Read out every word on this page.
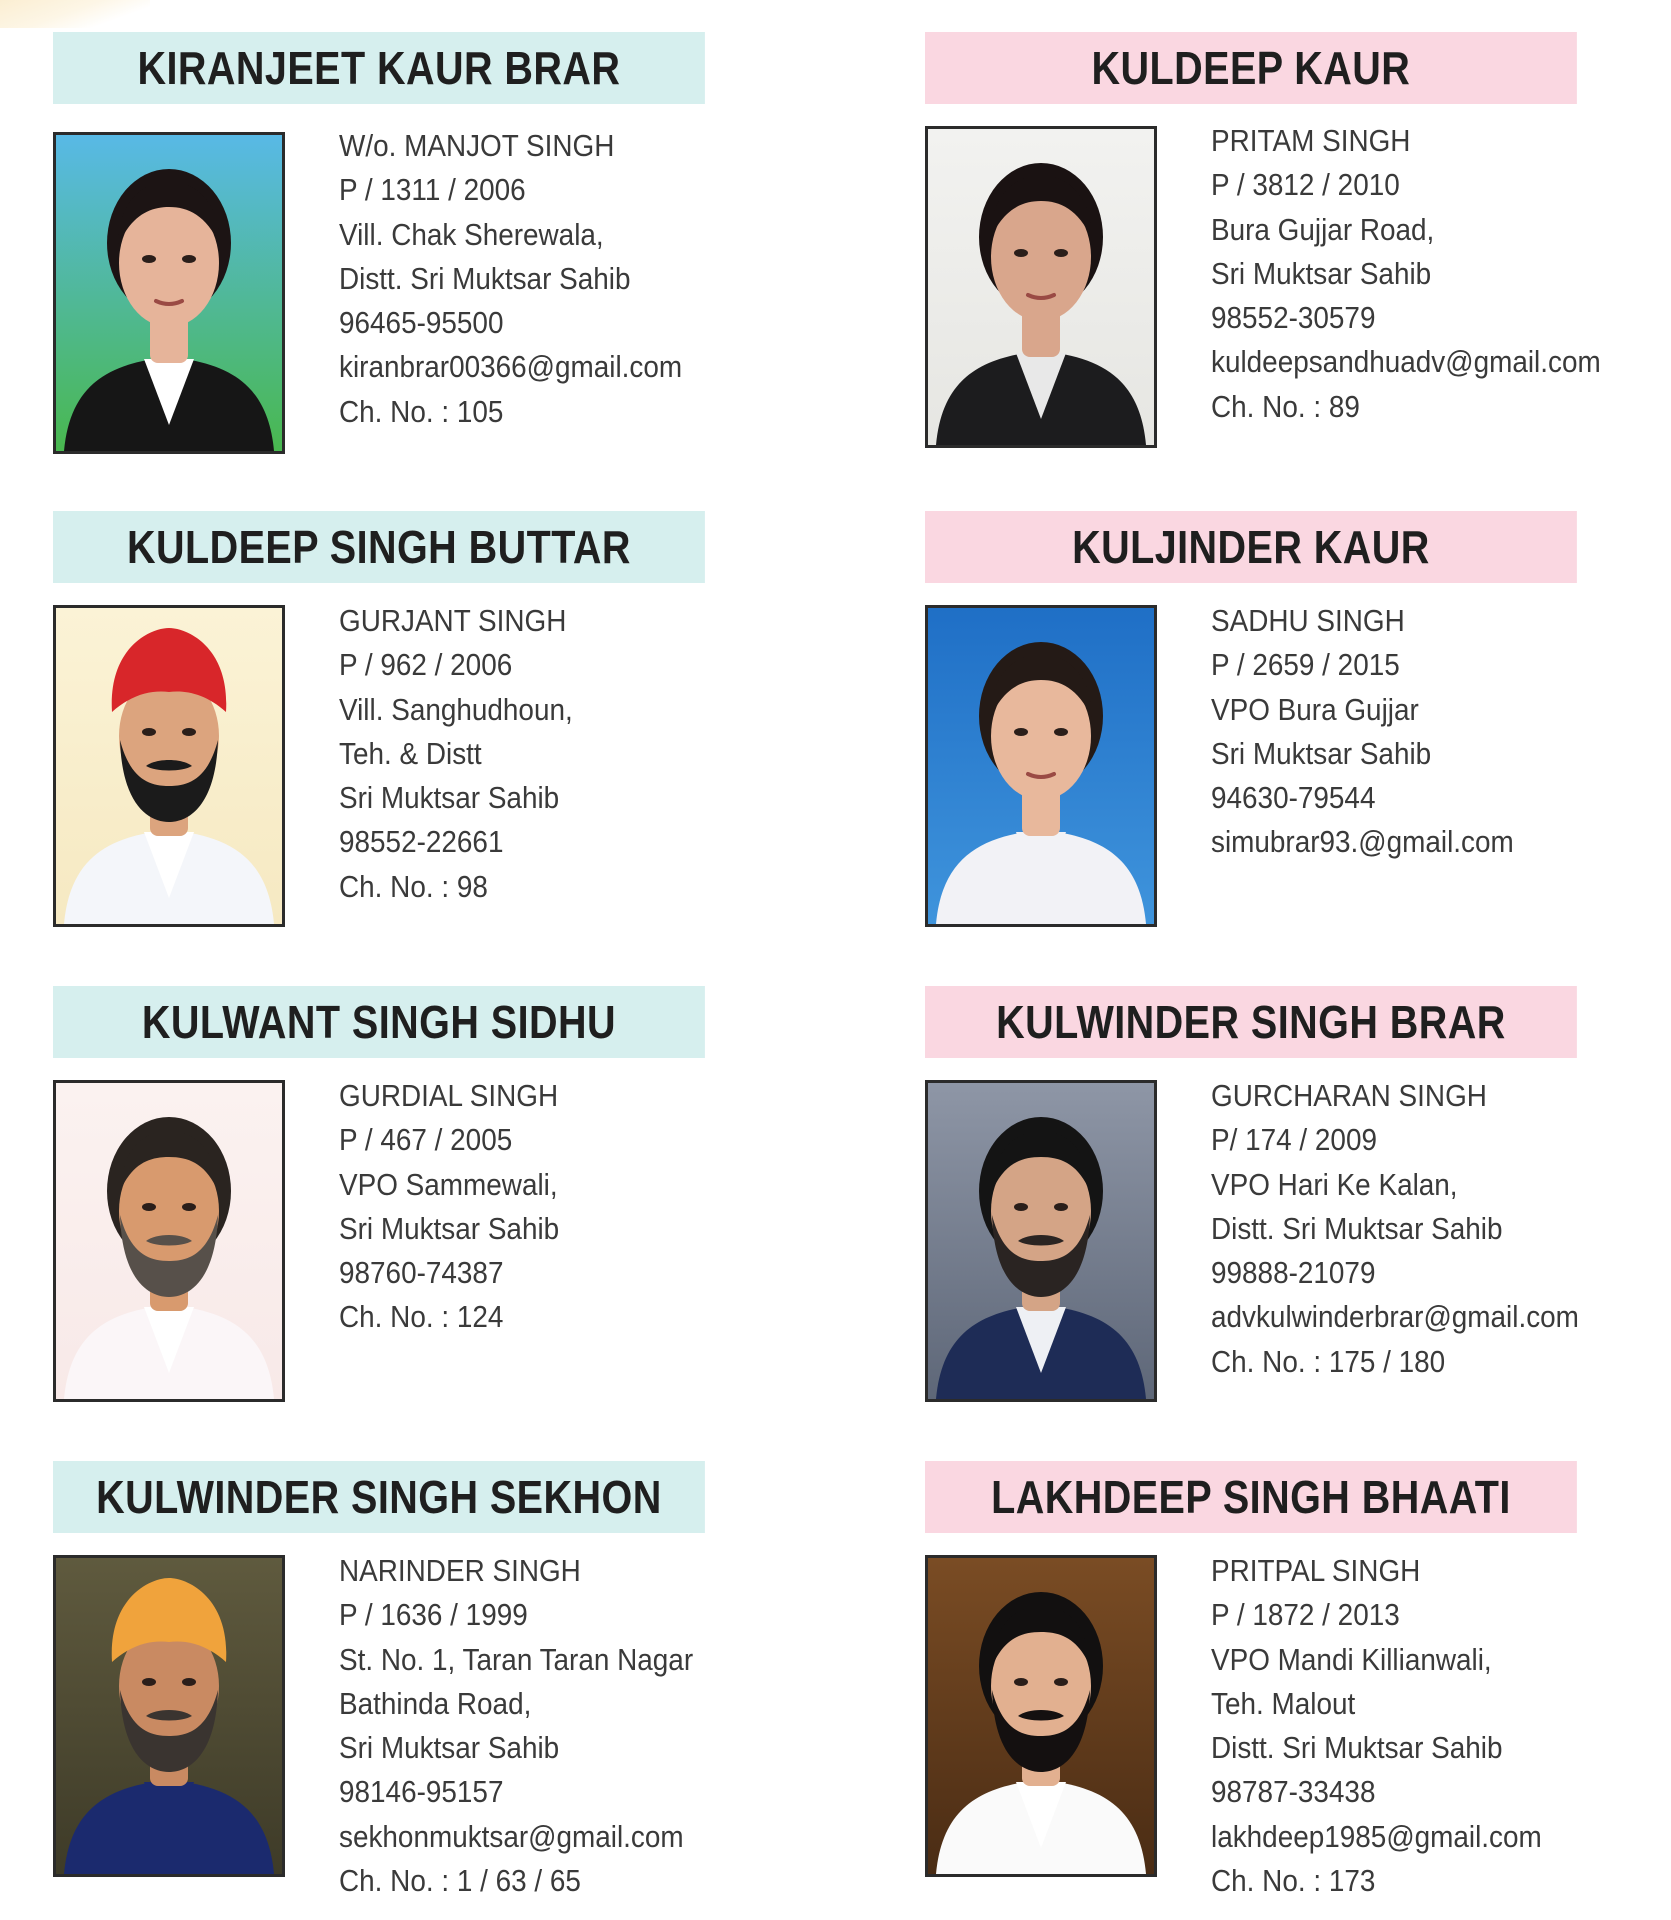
KIRANJEET KAUR BRAR
W/o. MANJOT SINGH
P / 1311 / 2006
Vill. Chak Sherewala,
Distt. Sri Muktsar Sahib
96465-95500
kiranbrar00366@gmail.com
Ch. No. : 105
KULDEEP KAUR
PRITAM SINGH
P / 3812 / 2010
Bura Gujjar Road,
Sri Muktsar Sahib
98552-30579
kuldeepsandhuadv@gmail.com
Ch. No. : 89
KULDEEP SINGH BUTTAR
GURJANT SINGH
P / 962 / 2006
Vill. Sanghudhoun,
Teh. & Distt
Sri Muktsar Sahib
98552-22661
Ch. No. : 98
KULJINDER KAUR
SADHU SINGH
P / 2659 / 2015
VPO Bura Gujjar
Sri Muktsar Sahib
94630-79544
simubrar93.@gmail.com
KULWANT SINGH SIDHU
GURDIAL SINGH
P / 467 / 2005
VPO Sammewali,
Sri Muktsar Sahib
98760-74387
Ch. No. : 124
KULWINDER SINGH BRAR
GURCHARAN SINGH
P/ 174 / 2009
VPO Hari Ke Kalan,
Distt. Sri Muktsar Sahib
99888-21079
advkulwinderbrar@gmail.com
Ch. No. : 175 / 180
KULWINDER SINGH SEKHON
NARINDER SINGH
P / 1636 / 1999
St. No. 1, Taran Taran Nagar
Bathinda Road,
Sri Muktsar Sahib
98146-95157
sekhonmuktsar@gmail.com
Ch. No. : 1 / 63 / 65
LAKHDEEP SINGH BHAATI
PRITPAL SINGH
P / 1872 / 2013
VPO Mandi Killianwali,
Teh. Malout
Distt. Sri Muktsar Sahib
98787-33438
lakhdeep1985@gmail.com
Ch. No. : 173
